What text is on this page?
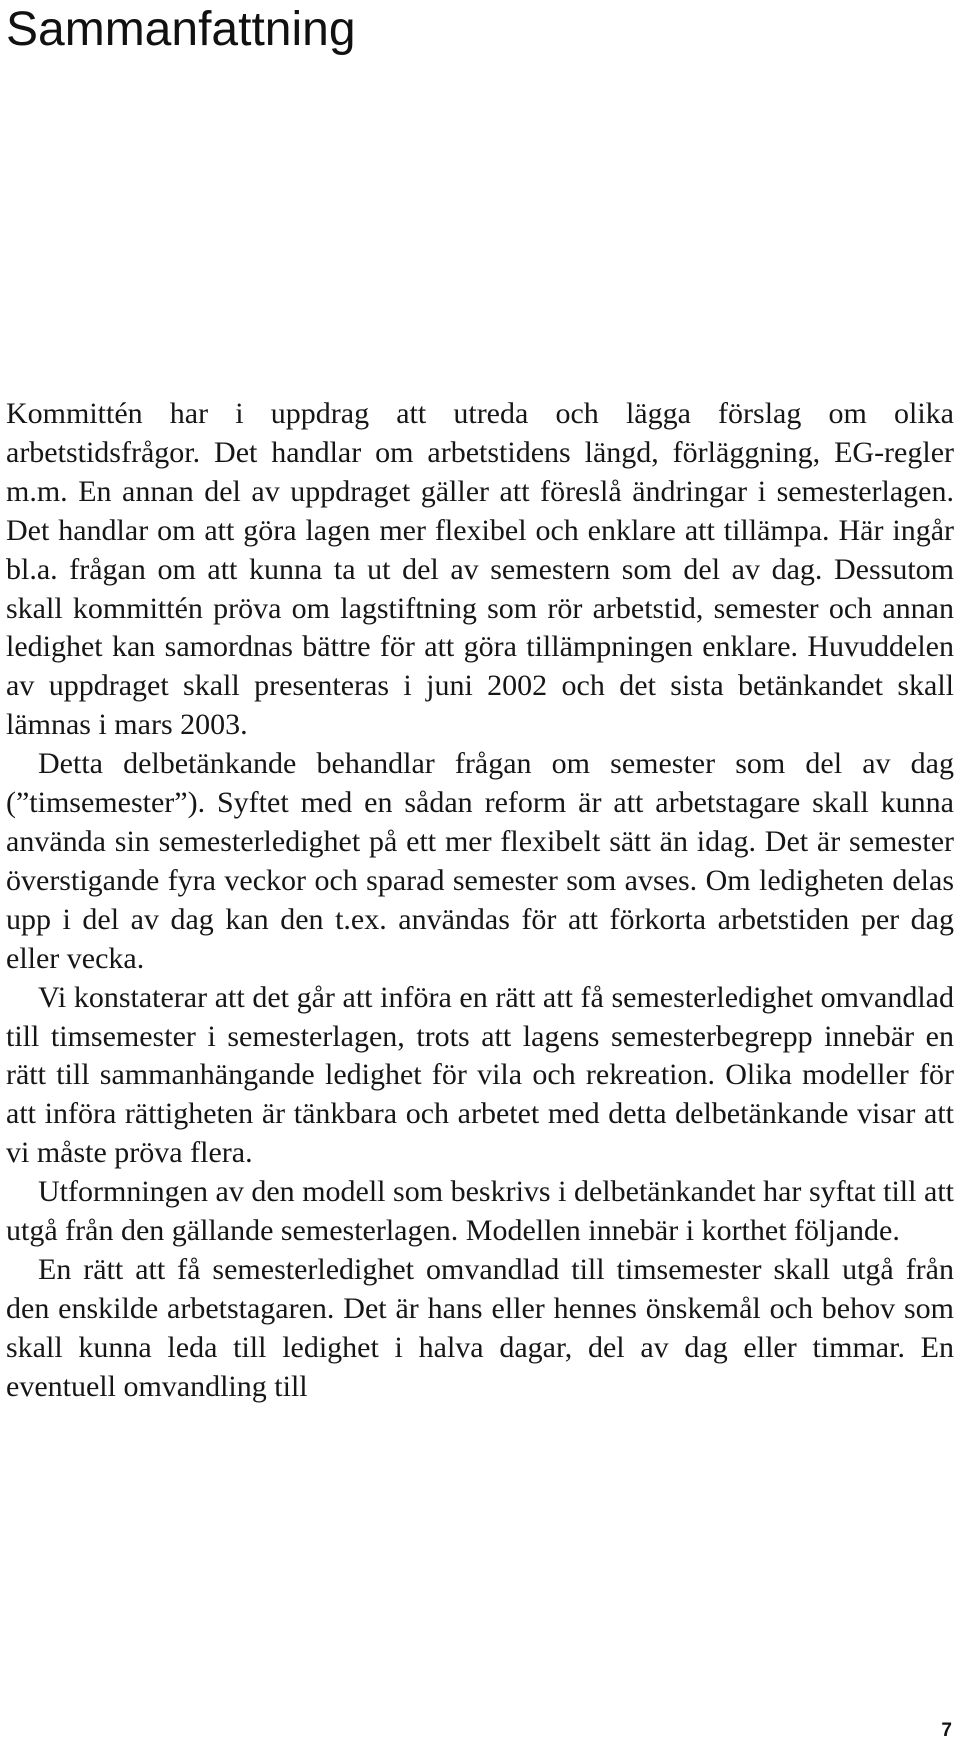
Sammanfattning

Kommittén har i uppdrag att utreda och lägga förslag om olika arbetstidsfrågor. Det handlar om arbetstidens längd, förläggning, EG-regler m.m. En annan del av uppdraget gäller att föreslå ändringar i semesterlagen. Det handlar om att göra lagen mer flexibel och enklare att tillämpa. Här ingår bl.a. frågan om att kunna ta ut del av semestern som del av dag. Dessutom skall kommittén pröva om lagstiftning som rör arbetstid, semester och annan ledighet kan samordnas bättre för att göra tillämpningen enklare. Huvuddelen av uppdraget skall presenteras i juni 2002 och det sista betänkandet skall lämnas i mars 2003.

Detta delbetänkande behandlar frågan om semester som del av dag (”timsemester”). Syftet med en sådan reform är att arbetstagare skall kunna använda sin semesterledighet på ett mer flexibelt sätt än idag. Det är semester överstigande fyra veckor och sparad semester som avses. Om ledigheten delas upp i del av dag kan den t.ex. användas för att förkorta arbetstiden per dag eller vecka.

Vi konstaterar att det går att införa en rätt att få semesterledighet omvandlad till timsemester i semesterlagen, trots att lagens semesterbegrepp innebär en rätt till sammanhängande ledighet för vila och rekreation. Olika modeller för att införa rättigheten är tänkbara och arbetet med detta delbetänkande visar att vi måste pröva flera.

Utformningen av den modell som beskrivs i delbetänkandet har syftat till att utgå från den gällande semesterlagen. Modellen innebär i korthet följande.

En rätt att få semesterledighet omvandlad till timsemester skall utgå från den enskilde arbetstagaren. Det är hans eller hennes önskemål och behov som skall kunna leda till ledighet i halva dagar, del av dag eller timmar. En eventuell omvandling till

7
